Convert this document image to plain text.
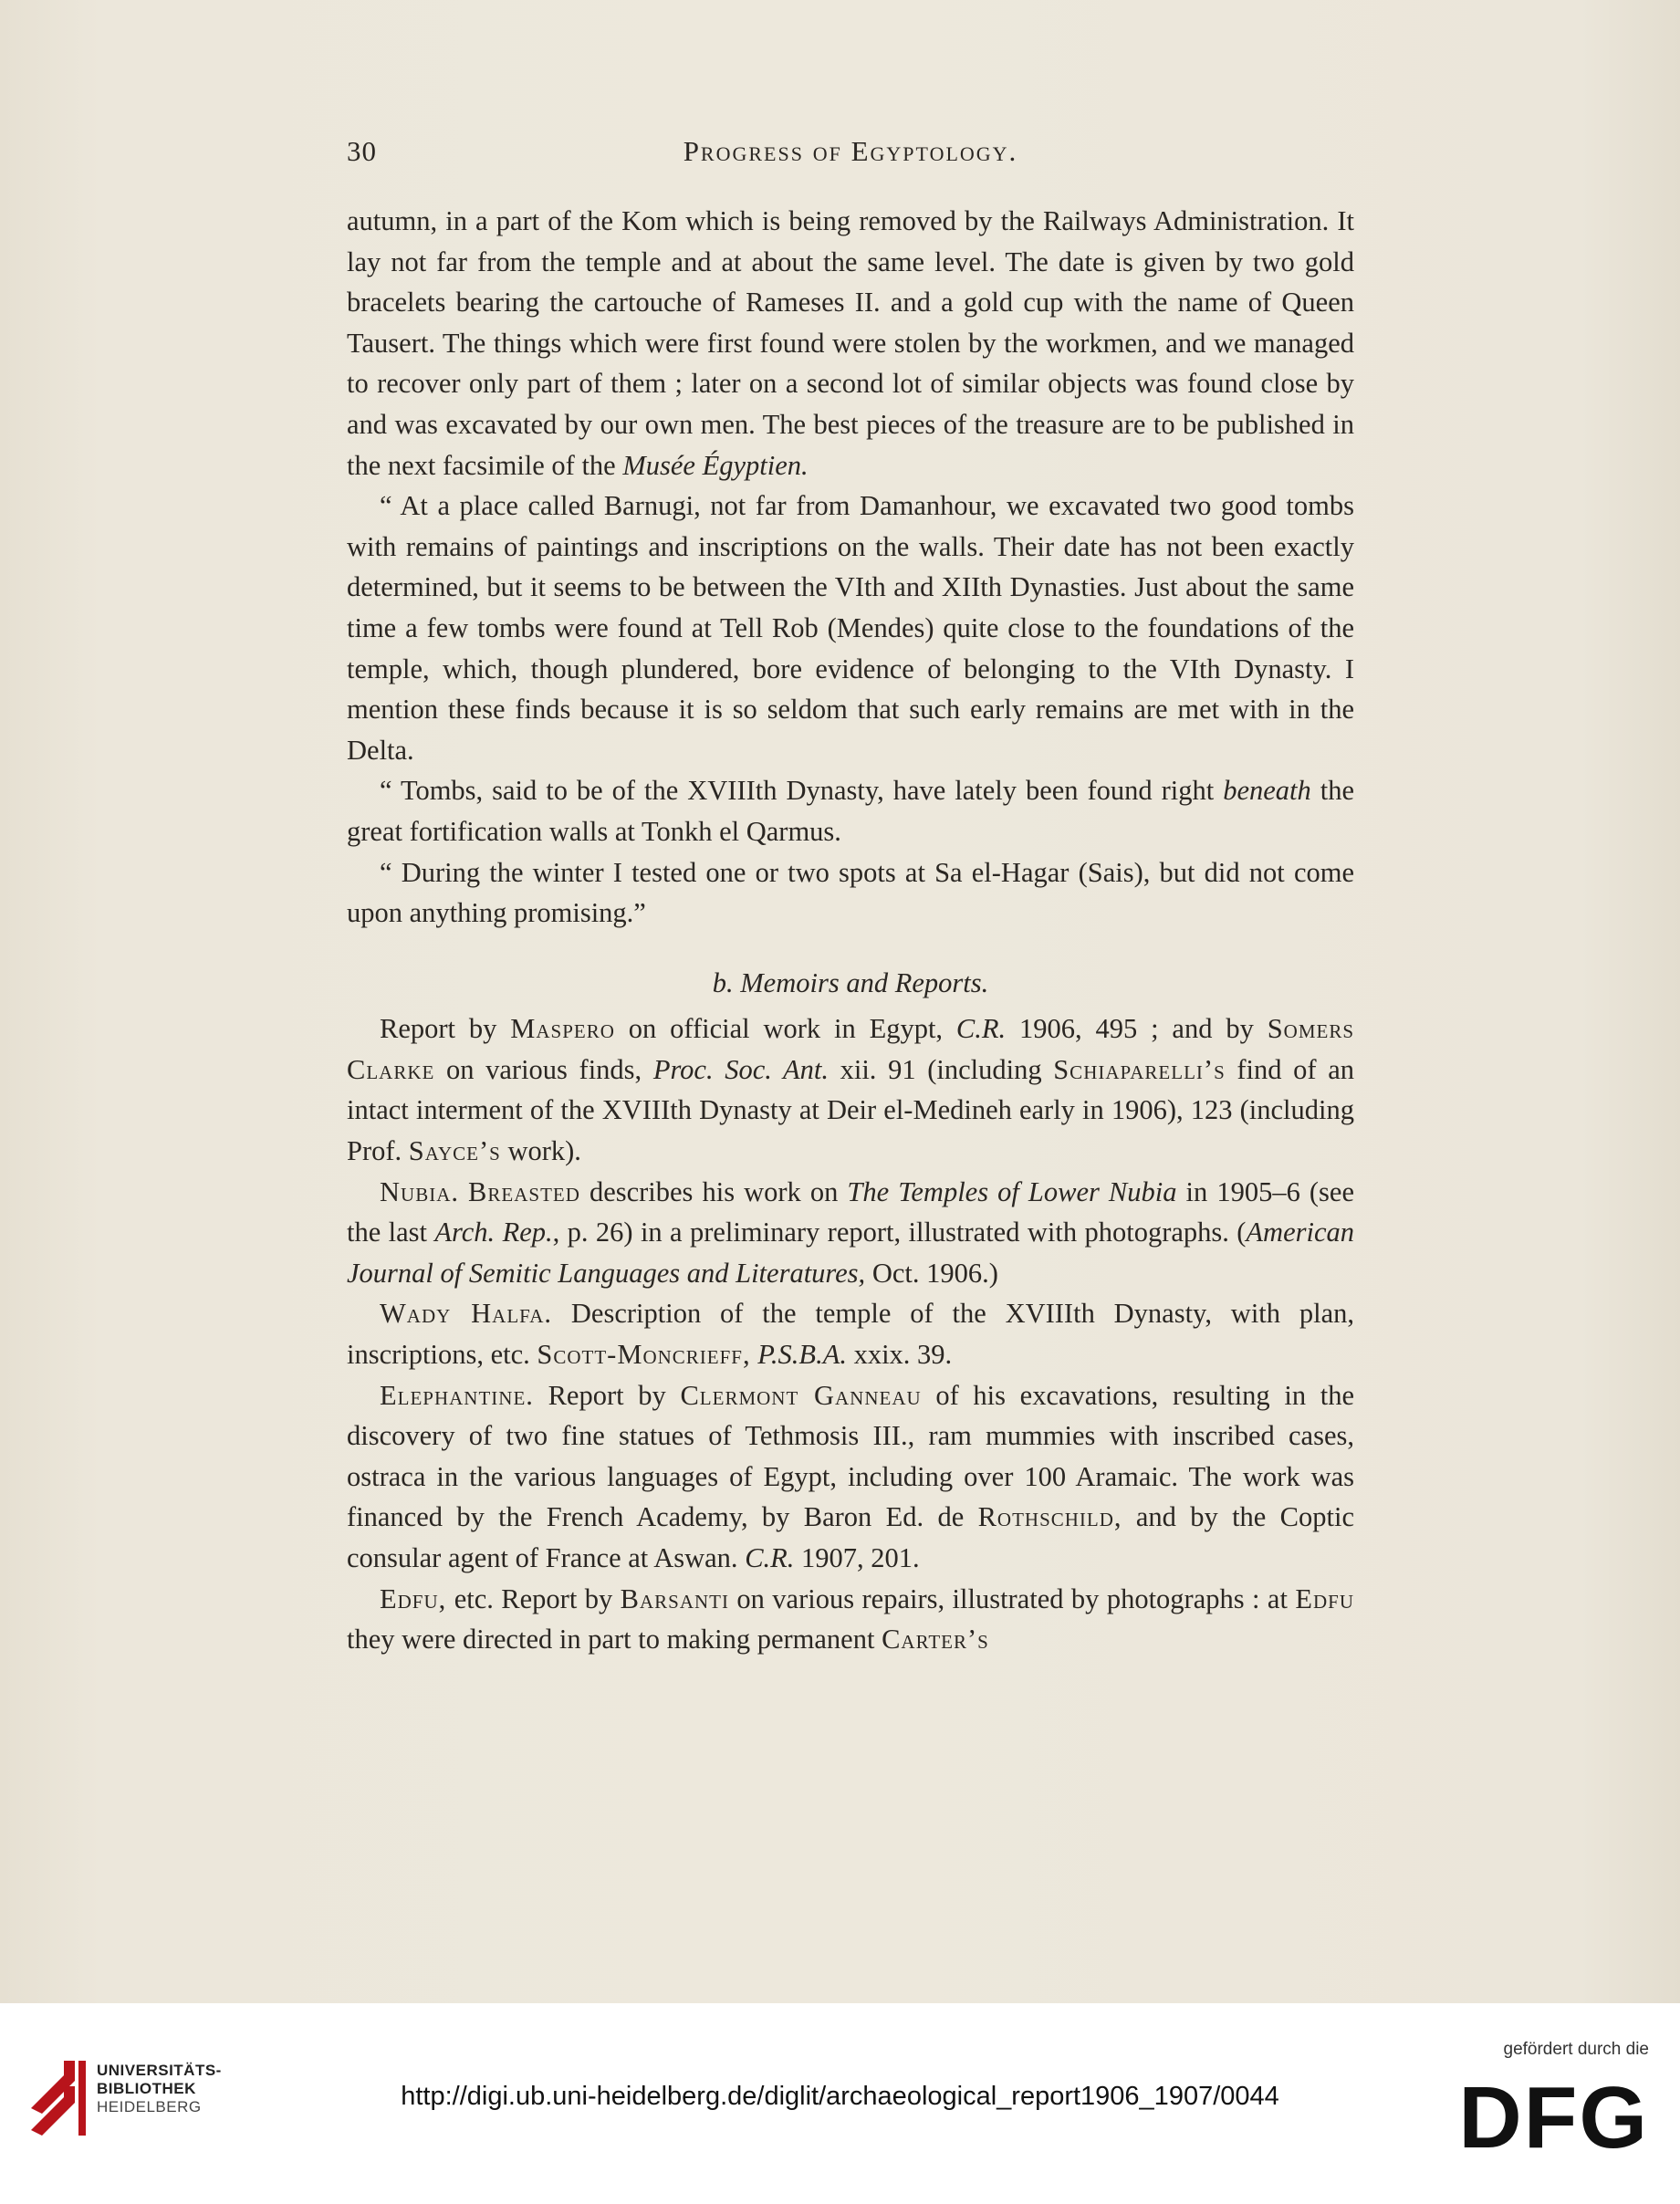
30	Progress of Egyptology.

autumn, in a part of the Kom which is being removed by the Railways Administration. It lay not far from the temple and at about the same level. The date is given by two gold bracelets bearing the cartouche of Rameses II. and a gold cup with the name of Queen Tausert. The things which were first found were stolen by the workmen, and we managed to recover only part of them ; later on a second lot of similar objects was found close by and was excavated by our own men. The best pieces of the treasure are to be published in the next facsimile of the Musée Égyptien.

“ At a place called Barnugi, not far from Damanhour, we excavated two good tombs with remains of paintings and inscriptions on the walls. Their date has not been exactly determined, but it seems to be between the VIth and XIIth Dynasties. Just about the same time a few tombs were found at Tell Rob (Mendes) quite close to the foundations of the temple, which, though plundered, bore evidence of belonging to the VIth Dynasty. I mention these finds because it is so seldom that such early remains are met with in the Delta.

“ Tombs, said to be of the XVIIIth Dynasty, have lately been found right beneath the great fortification walls at Tonkh el Qarmus.

“ During the winter I tested one or two spots at Sa el-Hagar (Sais), but did not come upon anything promising.”

b. Memoirs and Reports.

Report by Maspero on official work in Egypt, C.R. 1906, 495 ; and by Somers Clarke on various finds, Proc. Soc. Ant. xii. 91 (including Schiaparelli’s find of an intact interment of the XVIIIth Dynasty at Deir el-Medineh early in 1906), 123 (including Prof. Sayce’s work).

Nubia. Breasted describes his work on The Temples of Lower Nubia in 1905–6 (see the last Arch. Rep., p. 26) in a preliminary report, illustrated with photographs. (American Journal of Semitic Languages and Literatures, Oct. 1906.)

Wady Halfa. Description of the temple of the XVIIIth Dynasty, with plan, inscriptions, etc. Scott-Moncrieff, P.S.B.A. xxix. 39.

Elephantine. Report by Clermont Ganneau of his excavations, resulting in the discovery of two fine statues of Tethmosis III., ram mummies with inscribed cases, ostraca in the various languages of Egypt, including over 100 Aramaic. The work was financed by the French Academy, by Baron Ed. de Rothschild, and by the Coptic consular agent of France at Aswan. C.R. 1907, 201.

Edfu, etc. Report by Barsanti on various repairs, illustrated by photographs : at Edfu they were directed in part to making permanent Carter’s

UNIVERSITÄTS-
BIBLIOTHEK
HEIDELBERG	http://digi.ub.uni-heidelberg.de/diglit/archaeological_report1906_1907/0044
gefördert durch die
DFG
